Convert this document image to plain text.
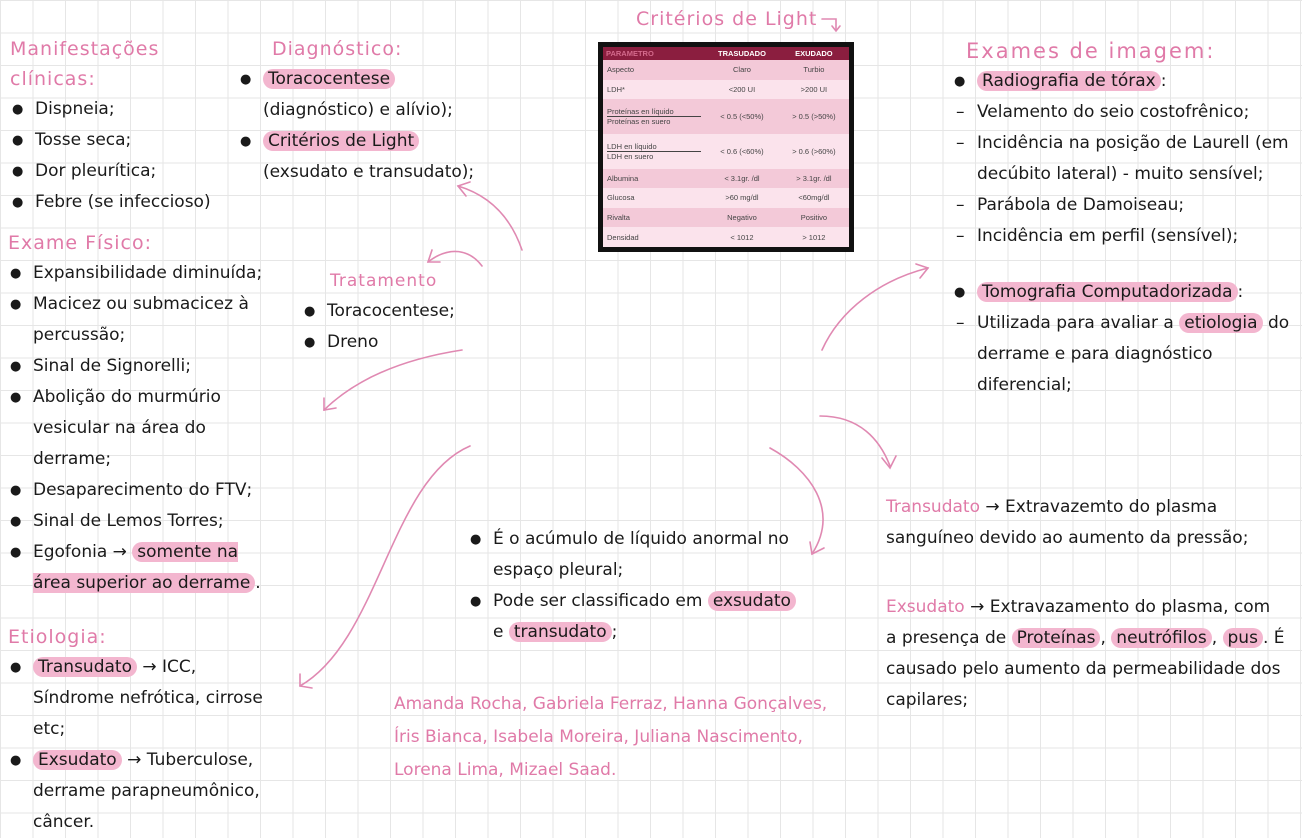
Critérios de Light
PARAMETRO	TRASUDADO	EXUDADO
Aspecto	Claro	Turbio
LDH*	<200 UI	>200 UI

Proteínas en líquido
Proteínas en suero	< 0.5 (<50%)	> 0.5 (>50%)

LDH en líquido
LDH en suero	< 0.6 (<60%)	> 0.6 (>60%)
Albumina	< 3.1gr. /dl	> 3.1gr. /dl
Glucosa	>60 mg/dl	<60mg/dl
Rivalta	Negativo	Positivo
Densidad	< 1012	> 1012
Manifestações clínicas:
● Dispneia;
● Tosse seca;
● Dor pleurítica;
● Febre (se infeccioso)
Diagnóstico:
● Toracocentese (diagnóstico) e alívio);
● Critérios de Light (exsudato e transudato);
Exame Físico:
● Expansibilidade diminuída;
● Macicez ou submacicez à percussão;
● Sinal de Signorelli;
● Abolição do murmúrio vesicular na área do derrame;
● Desaparecimento do FTV;
● Sinal de Lemos Torres;
● Egofonia → somente na área superior ao derrame .
Tratamento
● Toracocentese;
● Dreno
Etiologia:
● Transudato → ICC, Síndrome nefrótica, cirrose etc;
● Exsudato → Tuberculose, derrame parapneumônico, câncer.
● É o acúmulo de líquido anormal no espaço pleural;
● Pode ser classificado em exsudato e transudato ;
Amanda Rocha, Gabriela Ferraz, Hanna Gonçalves, Íris Bianca, Isabela Moreira, Juliana Nascimento, Lorena Lima, Mizael Saad.
Exames de imagem:
● Radiografia de tórax :
– Velamento do seio costofrênico;
– Incidência na posição de Laurell (em decúbito lateral) - muito sensível;
– Parábola de Damoiseau;
– Incidência em perfil (sensível);
● Tomografia Computadorizada :
– Utilizada para avaliar a etiologia do derrame e para diagnóstico diferencial;
Transudato → Extravazemto do plasma sanguíneo devido ao aumento da pressão;
Exsudato → Extravazamento do plasma, com a presença de Proteínas , neutrófilos , pus . É causado pelo aumento da permeabilidade dos capilares;
